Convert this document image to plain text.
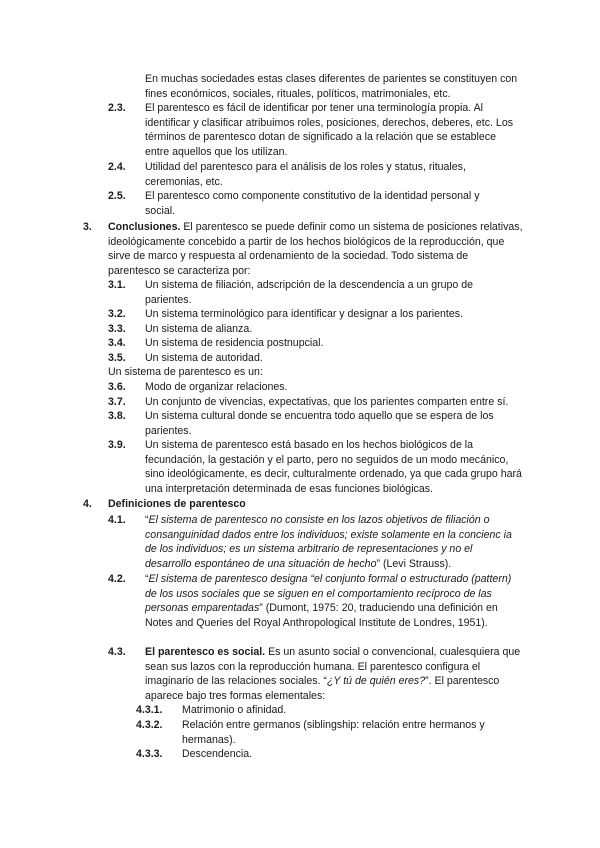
En muchas sociedades estas clases diferentes de parientes se constituyen con fines económicos, sociales, rituales, políticos, matrimoniales, etc.
2.3. El parentesco es fácil de identificar por tener una terminología propia. Al identificar y clasificar atribuimos roles, posiciones, derechos, deberes, etc. Los términos de parentesco dotan de significado a la relación que se establece entre aquellos que los utilizan.
2.4. Utilidad del parentesco para el análisis de los roles y status, rituales, ceremonias, etc.
2.5. El parentesco como componente constitutivo de la identidad personal y social.
3. Conclusiones. El parentesco se puede definir como un sistema de posiciones relativas, ideológicamente concebido a partir de los hechos biológicos de la reproducción, que sirve de marco y respuesta al ordenamiento de la sociedad. Todo sistema de parentesco se caracteriza por:
3.1. Un sistema de filiación, adscripción de la descendencia a un grupo de parientes.
3.2. Un sistema terminológico para identificar y designar a los parientes.
3.3. Un sistema de alianza.
3.4. Un sistema de residencia postnupcial.
3.5. Un sistema de autoridad.
Un sistema de parentesco es un:
3.6. Modo de organizar relaciones.
3.7. Un conjunto de vivencias, expectativas, que los parientes comparten entre sí.
3.8. Un sistema cultural donde se encuentra todo aquello que se espera de los parientes.
3.9. Un sistema de parentesco está basado en los hechos biológicos de la fecundación, la gestación y el parto, pero no seguidos de un modo mecánico, sino ideológicamente, es decir, culturalmente ordenado, ya que cada grupo hará una interpretación determinada de esas funciones biológicas.
4. Definiciones de parentesco
4.1. “El sistema de parentesco no consiste en los lazos objetivos de filiación o consanguinidad dados entre los individuos; existe solamente en la concienc ia de los individuos; es un sistema arbitrario de representaciones y no el desarrollo espontáneo de una situación de hecho” (Levi Strauss).
4.2. “El sistema de parentesco designa “el conjunto formal o estructurado (pattern) de los usos sociales que se siguen en el comportamiento recíproco de las personas emparentadas” (Dumont, 1975: 20, traduciendo una definición en Notes and Queries del Royal Anthropological Institute de Londres, 1951).
4.3. El parentesco es social. Es un asunto social o convencional, cualesquiera que sean sus lazos con la reproducción humana. El parentesco configura el imaginario de las relaciones sociales. “¿Y tú de quién eres?”. El parentesco aparece bajo tres formas elementales:
4.3.1. Matrimonio o afinidad.
4.3.2. Relación entre germanos (siblingship: relación entre hermanos y hermanas).
4.3.3. Descendencia.
